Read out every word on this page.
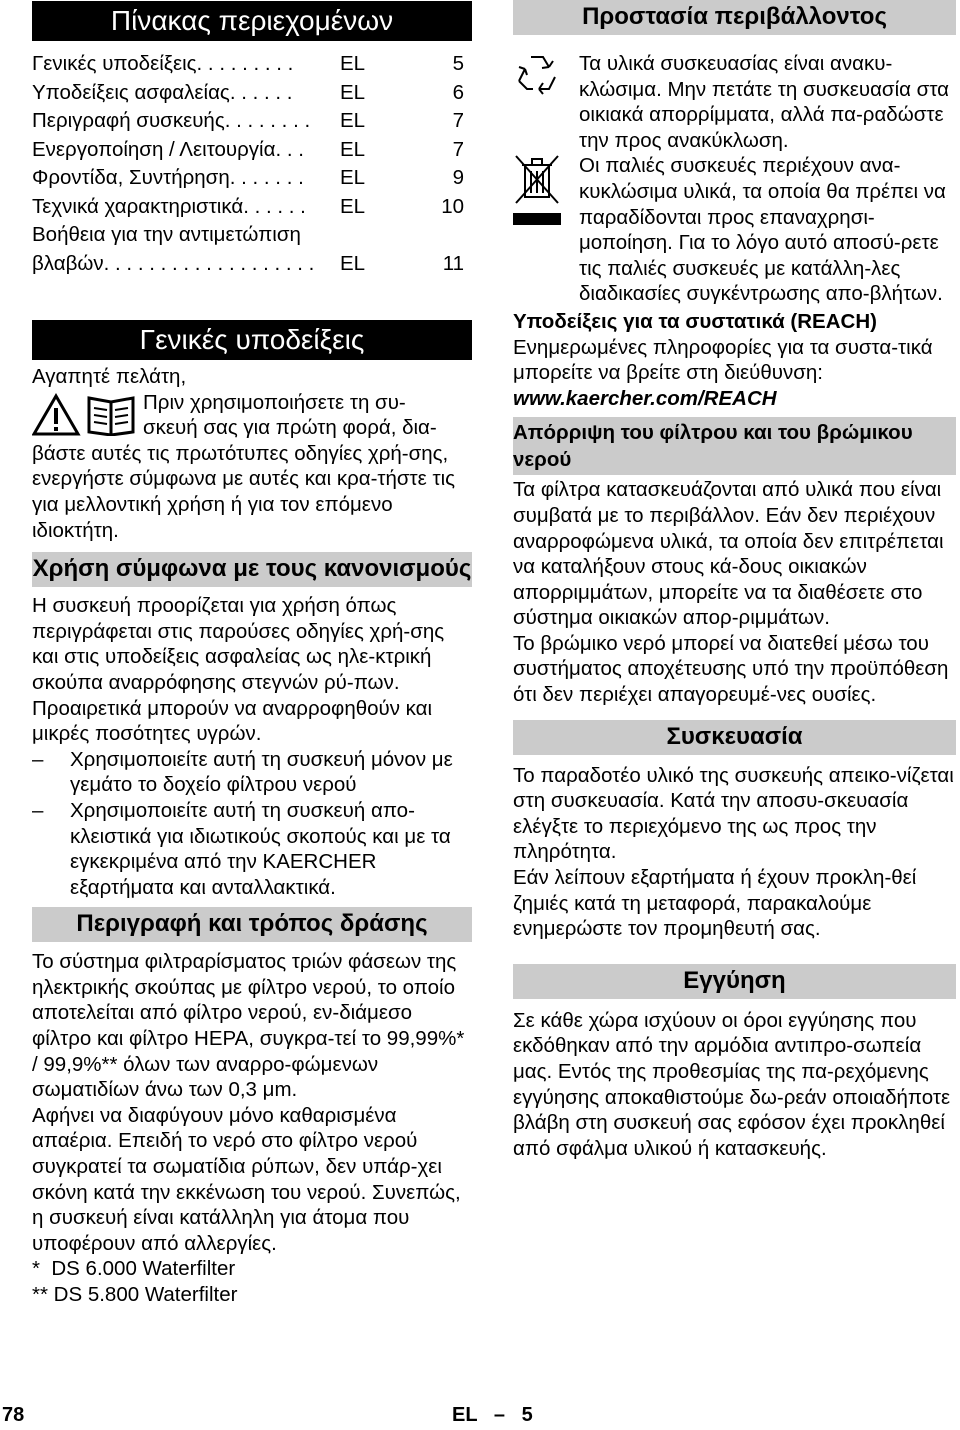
Πίνακας περιεχομένων
Γενικές υποδείξεις . . . . . . . . .	EL	5
Υποδείξεις ασφαλείας . . . . . .	EL	6
Περιγραφή συσκευής . . . . . . . .	EL	7
Ενεργοποίηση / Λειτουργία . . .	EL	7
Φροντίδα, Συντήρηση . . . . . . .	EL	9
Τεχνικά χαρακτηριστικά . . . . . .	EL	10
Βοήθεια για την αντιμετώπιση
βλαβών . . . . . . . . . . . . . . . . . . .	EL	11
Γενικές υποδείξεις

Αγαπητέ πελάτη,

Πριν χρησιμοποιήσετε τη συ-

σκευή σας για πρώτη φορά, δια-

βάστε αυτές τις πρωτότυπες οδηγίες χρή-σης, ενεργήστε σύμφωνα με αυτές και κρα-τήστε τις για μελλοντική χρήση ή για τον επόμενο ιδιοκτήτη.

Χρήση σύμφωνα με τους κανονισμούς

Η συσκευή προορίζεται για χρήση όπως περιγράφεται στις παρούσες οδηγίες χρή-σης και στις υποδείξεις ασφαλείας ως ηλε-κτρική σκούπα αναρρόφησης στεγνών ρύ-πων.

Προαιρετικά μπορούν να αναρροφηθούν και μικρές ποσότητες υγρών.

–	Χρησιμοποιείτε αυτή τη συσκευή μόνον με γεμάτο το δοχείο φίλτρου νερού
–	Χρησιμοποιείτε αυτή τη συσκευή απο-κλειστικά για ιδιωτικούς σκοπούς και με τα εγκεκριμένα από την KAERCHER εξαρτήματα και ανταλλακτικά.
Περιγραφή και τρόπος δράσης

Το σύστημα φιλτραρίσματος τριών φάσεων της ηλεκτρικής σκούπας με φίλτρο νερού, το οποίο αποτελείται από φίλτρο νερού, εν-διάμεσο φίλτρο και φίλτρο HEPA, συγκρα-τεί το 99,99%* / 99,9%** όλων των αναρρο-φώμενων σωματιδίων άνω των 0,3 μm.

Αφήνει να διαφύγουν μόνο καθαρισμένα απαέρια. Επειδή το νερό στο φίλτρο νερού συγκρατεί τα σωματίδια ρύπων, δεν υπάρ-χει σκόνη κατά την εκκένωση του νερού. Συνεπώς, η συσκευή είναι κατάλληλη για άτομα που υποφέρουν από αλλεργίες.

*  DS 6.000 Waterfilter

** DS 5.800 Waterfilter

Προστασία περιβάλλοντος

Τα υλικά συσκευασίας είναι ανακυ-κλώσιμα. Μην πετάτε τη συσκευασία στα οικιακά απορρίμματα, αλλά πα-ραδώστε την προς ανακύκλωση.

Οι παλιές συσκευές περιέχουν ανα-κυκλώσιμα υλικά, τα οποία θα πρέπει να παραδίδονται προς επαναχρησι-μοποίηση. Για το λόγο αυτό αποσύ-ρετε τις παλιές συσκευές με κατάλλη-λες διαδικασίες συγκέντρωσης απο-βλήτων.

Υποδείξεις για τα συστατικά (REACH)

Ενημερωμένες πληροφορίες για τα συστα-τικά μπορείτε να βρείτε στη διεύθυνση:

www.kaercher.com/REACH

Απόρριψη του φίλτρου και του βρώμικου νερού

Τα φίλτρα κατασκευάζονται από υλικά που είναι συμβατά με το περιβάλλον. Εάν δεν περιέχουν αναρροφώμενα υλικά, τα οποία δεν επιτρέπεται να καταλήξουν στους κά-δους οικιακών απορριμμάτων, μπορείτε να τα διαθέσετε στο σύστημα οικιακών απορ-ριμμάτων.

Το βρώμικο νερό μπορεί να διατεθεί μέσω του συστήματος αποχέτευσης υπό την προϋπόθεση ότι δεν περιέχει απαγορευμέ-νες ουσίες.

Συσκευασία

Το παραδοτέο υλικό της συσκευής απεικο-νίζεται στη συσκευασία. Κατά την αποσυ-σκευασία ελέγξτε το περιεχόμενο της ως προς την πληρότητα.

Εάν λείπουν εξαρτήματα ή έχουν προκλη-θεί ζημιές κατά τη μεταφορά, παρακαλούμε ενημερώστε τον προμηθευτή σας.

Εγγύηση

Σε κάθε χώρα ισχύουν οι όροι εγγύησης που εκδόθηκαν από την αρμόδια αντιπρο-σωπεία μας. Εντός της προθεσμίας της πα-ρεχόμενης εγγύησης αποκαθιστούμε δω-ρεάν οποιαδήποτε βλάβη στη συσκευή σας εφόσον έχει προκληθεί από σφάλμα υλικού ή κατασκευής.

78	EL   –   5
